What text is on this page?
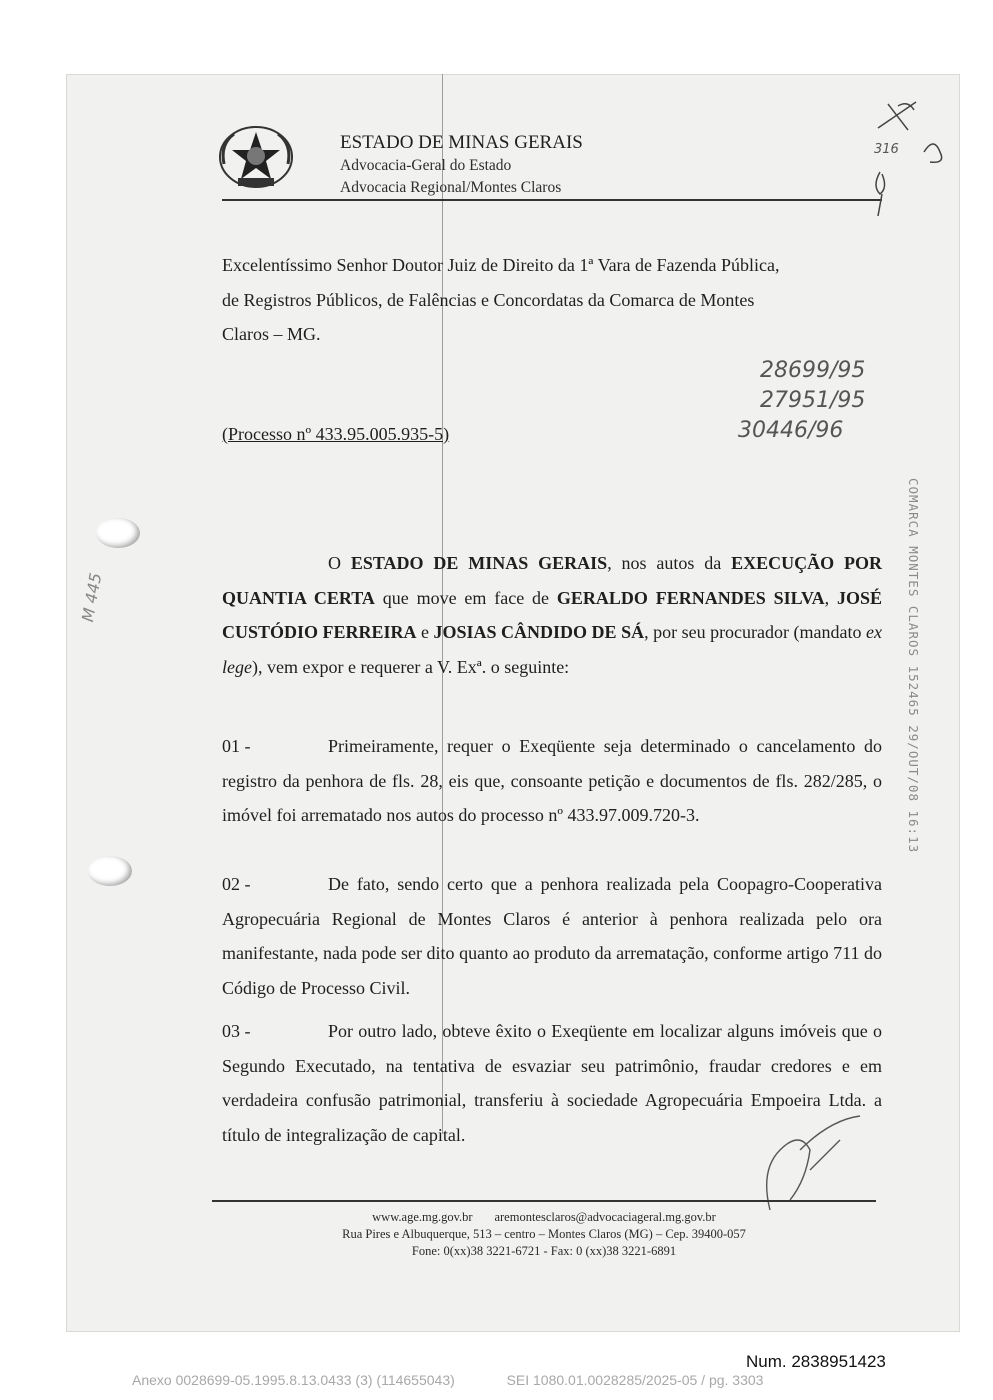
ESTADO DE MINAS GERAIS
Advocacia-Geral do Estado
Advocacia Regional/Montes Claros
316
28699/95
27951/95
30446/96
M 445
Excelentíssimo Senhor Doutor Juiz de Direito da 1ª Vara de Fazenda Pública,
de Registros Públicos, de Falências e Concordatas da Comarca de Montes
Claros – MG.
(Processo nº 433.95.005.935-5)
O ESTADO DE MINAS GERAIS, nos autos da EXECUÇÃO POR QUANTIA CERTA que move em face de GERALDO FERNANDES SILVA, JOSÉ CUSTÓDIO FERREIRA e JOSIAS CÂNDIDO DE SÁ, por seu procurador (mandato ex lege), vem expor e requerer a V. Exª. o seguinte:
01 -	Primeiramente, requer o Exeqüente seja determinado o cancelamento do registro da penhora de fls. 28, eis que, consoante petição e documentos de fls. 282/285, o imóvel foi arrematado nos autos do processo nº 433.97.009.720-3.
02 -	De fato, sendo certo que a penhora realizada pela Coopagro-Cooperativa Agropecuária Regional de Montes Claros é anterior à penhora realizada pelo ora manifestante, nada pode ser dito quanto ao produto da arrematação, conforme artigo 711 do Código de Processo Civil.
03 -	Por outro lado, obteve êxito o Exeqüente em localizar alguns imóveis que o Segundo Executado, na tentativa de esvaziar seu patrimônio, fraudar credores e em verdadeira confusão patrimonial, transferiu à sociedade Agropecuária Empoeira Ltda. a título de integralização de capital.
www.age.mg.gov.br aremontesclaros@advocaciageral.mg.gov.br
Rua Pires e Albuquerque, 513 – centro – Montes Claros (MG) – Cep. 39400-057
Fone: 0(xx)38 3221-6721 - Fax: 0 (xx)38 3221-6891
COMARCA MONTES CLAROS 152465 29/OUT/08 16:13
Num. 2838951423
Anexo 0028699-05.1995.8.13.0433 (3) (114655043)	SEI 1080.01.0028285/2025-05 / pg. 3303
